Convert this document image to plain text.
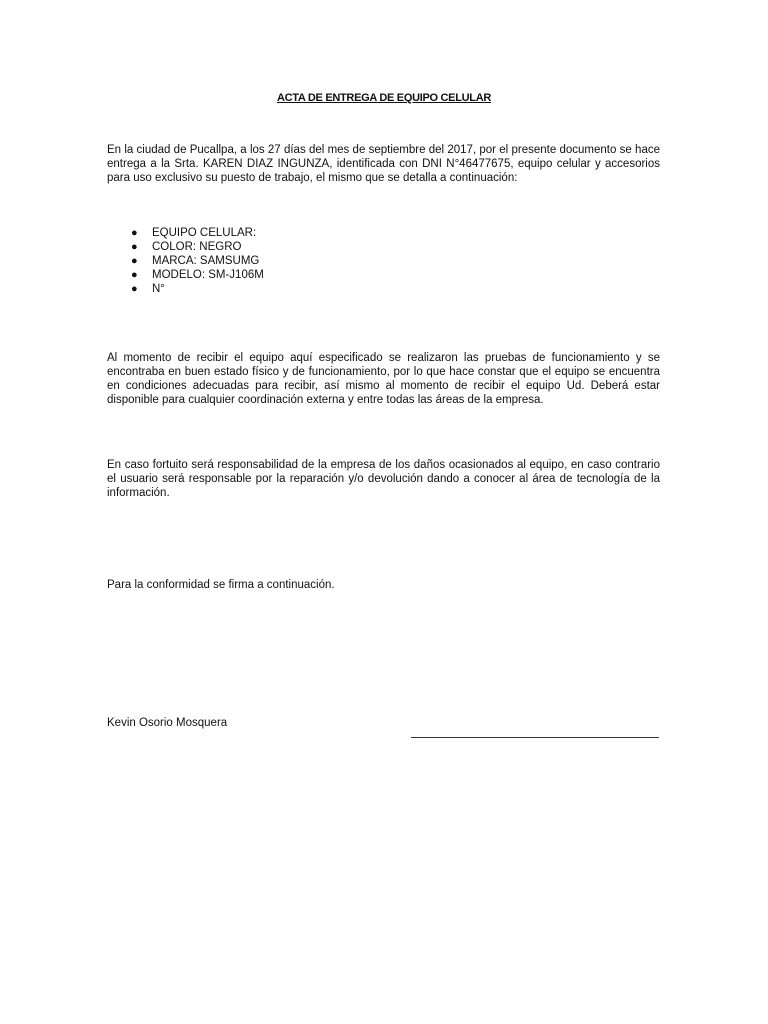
ACTA DE ENTREGA DE EQUIPO CELULAR

En la ciudad de Pucallpa, a los 27 días del mes de septiembre del 2017, por el presente documento se hace entrega a la Srta. KAREN DIAZ INGUNZA, identificada con DNI N°46477675, equipo celular y accesorios para uso exclusivo su puesto de trabajo, el mismo que se detalla a continuación:

● EQUIPO CELULAR:
● COLOR: NEGRO
● MARCA: SAMSUMG
● MODELO: SM-J106M
● N°

Al momento de recibir el equipo aquí especificado se realizaron las pruebas de funcionamiento y se encontraba en buen estado físico y de funcionamiento, por lo que hace constar que el equipo se encuentra en condiciones adecuadas para recibir, así mismo al momento de recibir el equipo Ud. Deberá estar disponible para cualquier coordinación externa y entre todas las áreas de la empresa.

En caso fortuito será responsabilidad de la empresa de los daños ocasionados al equipo, en caso contrario el usuario será responsable por la reparación y/o devolución dando a conocer al área de tecnología de la información.

Para la conformidad se firma a continuación.

Kevin Osorio Mosquera
